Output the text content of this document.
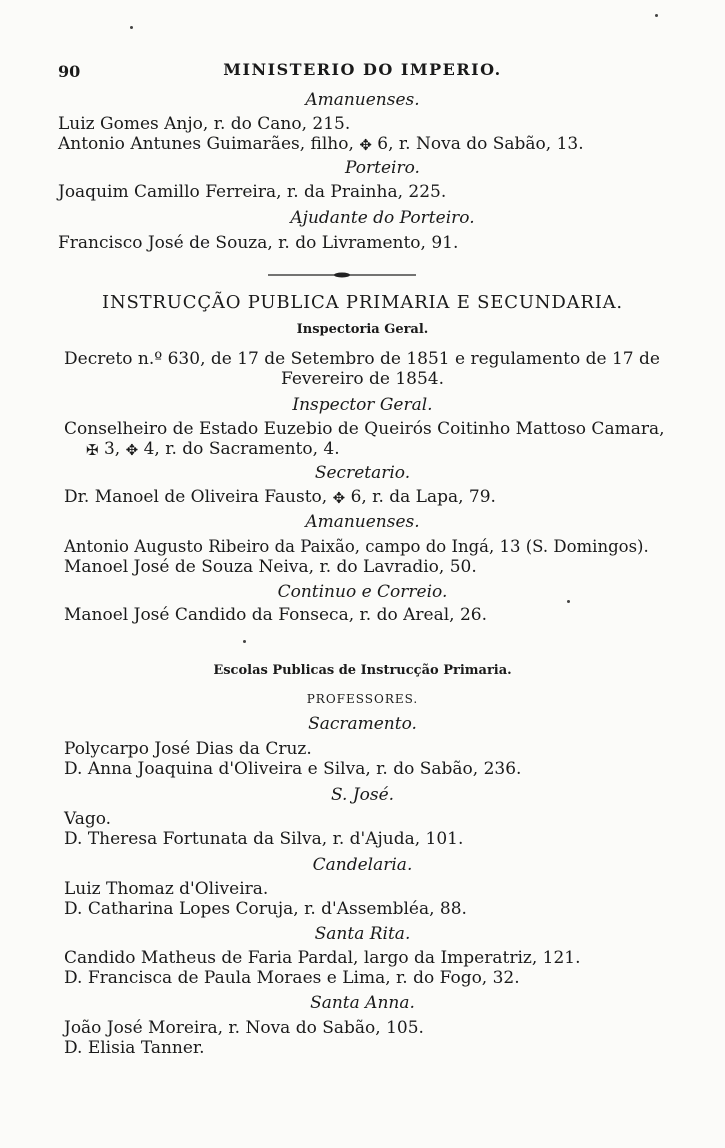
90	MINISTERIO DO IMPERIO.
Amanuenses.
Luiz Gomes Anjo, r. do Cano, 215.
Antonio Antunes Guimarães, filho, ✥ 6, r. Nova do Sabão, 13.
Porteiro.
Joaquim Camillo Ferreira, r. da Prainha, 225.
Ajudante do Porteiro.
Francisco José de Souza, r. do Livramento, 91.
INSTRUCÇÃO PUBLICA PRIMARIA E SECUNDARIA.
Inspectoria Geral.
Decreto n.º 630, de 17 de Setembro de 1851 e regulamento de 17 de
Fevereiro de 1854.
Inspector Geral.
Conselheiro de Estado Euzebio de Queirós Coitinho Mattoso Camara,
✠ 3, ✥ 4, r. do Sacramento, 4.
Secretario.
Dr. Manoel de Oliveira Fausto, ✥ 6, r. da Lapa, 79.
Amanuenses.
Antonio Augusto Ribeiro da Paixão, campo do Ingá, 13 (S. Domingos).
Manoel José de Souza Neiva, r. do Lavradio, 50.
Continuo e Correio.
Manoel José Candido da Fonseca, r. do Areal, 26.
Escolas Publicas de Instrucção Primaria.
PROFESSORES.
Sacramento.
Polycarpo José Dias da Cruz.
D. Anna Joaquina d'Oliveira e Silva, r. do Sabão, 236.
S. José.
Vago.
D. Theresa Fortunata da Silva, r. d'Ajuda, 101.
Candelaria.
Luiz Thomaz d'Oliveira.
D. Catharina Lopes Coruja, r. d'Assembléa, 88.
Santa Rita.
Candido Matheus de Faria Pardal, largo da Imperatriz, 121.
D. Francisca de Paula Moraes e Lima, r. do Fogo, 32.
Santa Anna.
João José Moreira, r. Nova do Sabão, 105.
D. Elisia Tanner.
